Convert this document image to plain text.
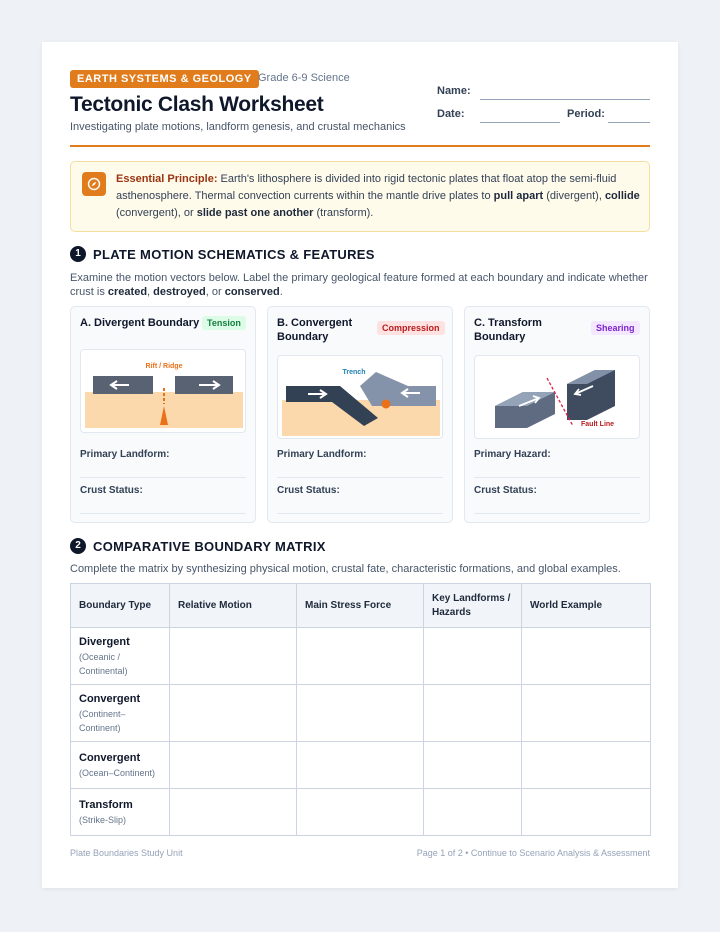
EARTH SYSTEMS & GEOLOGY Grade 6-9 Science
Tectonic Clash Worksheet
Investigating plate motions, landform genesis, and crustal mechanics
Name:
Date:	Period:
Essential Principle: Earth's lithosphere is divided into rigid tectonic plates that float atop the semi-fluid asthenosphere. Thermal convection currents within the mantle drive plates to pull apart (divergent), collide (convergent), or slide past one another (transform).
1 PLATE MOTION SCHEMATICS & FEATURES
Examine the motion vectors below. Label the primary geological feature formed at each boundary and indicate whether crust is created, destroyed, or conserved.
A. Divergent Boundary Tension
Rift / Ridge
Primary Landform:
Crust Status:
B. Convergent Boundary
Compression
Trench
Primary Landform:
Crust Status:
C. Transform Boundary
Shearing
Fault Line
Primary Hazard:
Crust Status:
2 COMPARATIVE BOUNDARY MATRIX
Complete the matrix by synthesizing physical motion, crustal fate, characteristic formations, and global examples.
Boundary Type	Relative Motion	Main Stress Force	Key Landforms / Hazards	World Example

Divergent
(Oceanic / Continental)				

Convergent
(Continent–Continent)				

Convergent
(Ocean–Continent)				

Transform
(Strike-Slip)				

Plate Boundaries Study Unit	Page 1 of 2 • Continue to Scenario Analysis & Assessment
